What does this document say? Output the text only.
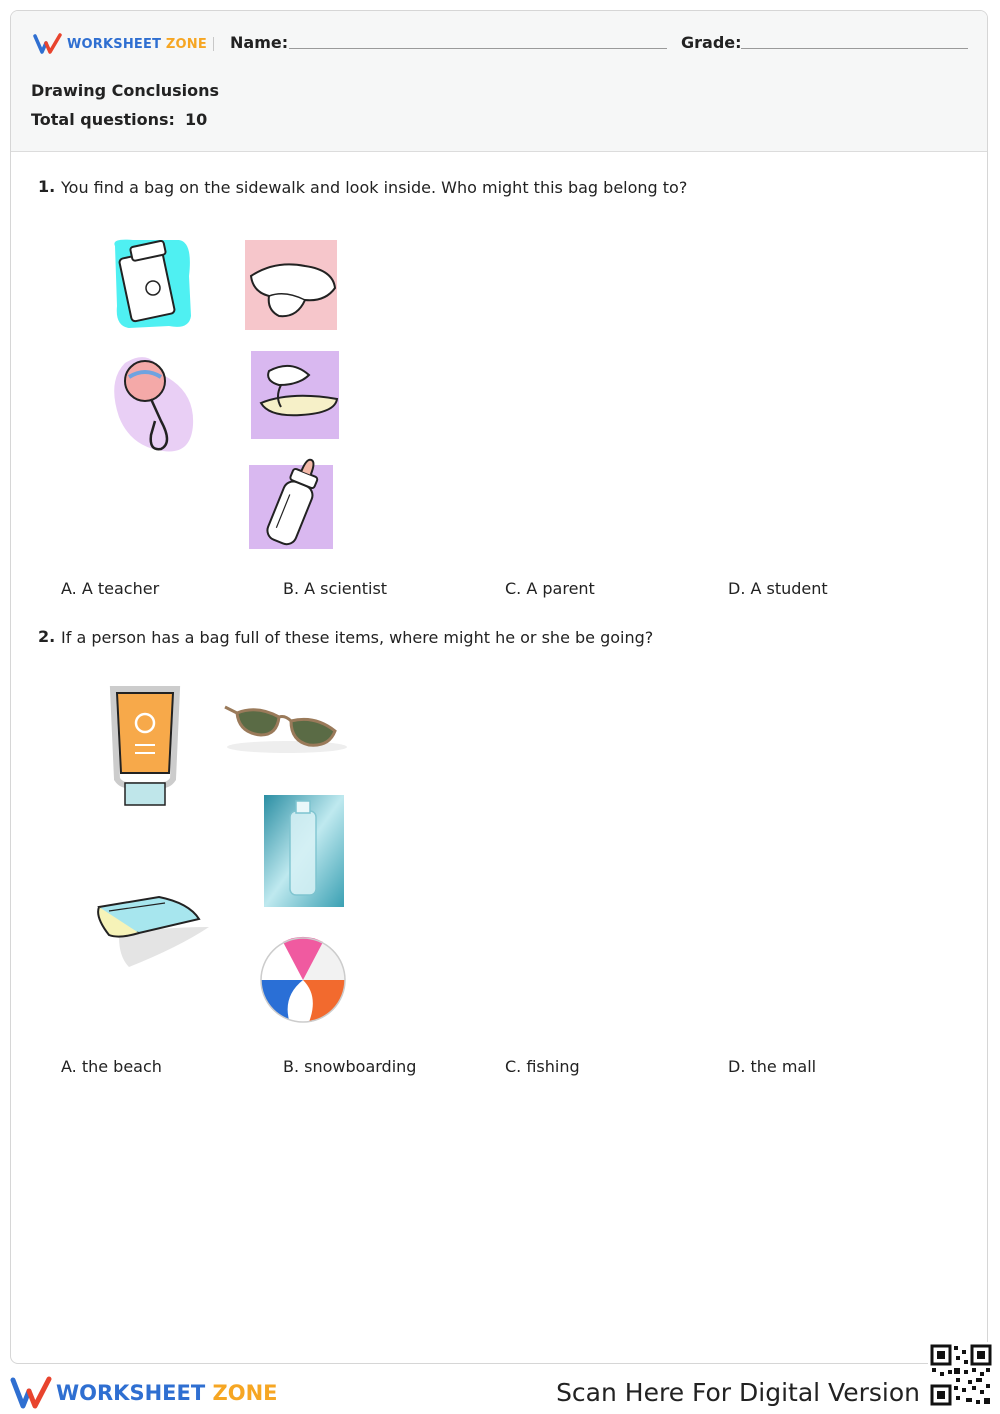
WORKSHEET ZONE Name:	Grade:
Drawing Conclusions
Total questions: 10
1. You find a bag on the sidewalk and look inside. Who might this bag belong to?
A. A teacher	B. A scientist	C. A parent	D. A student
2. If a person has a bag full of these items, where might he or she be going?
A. the beach	B. snowboarding	C. fishing	D. the mall
WORKSHEET ZONE	Scan Here For Digital Version
